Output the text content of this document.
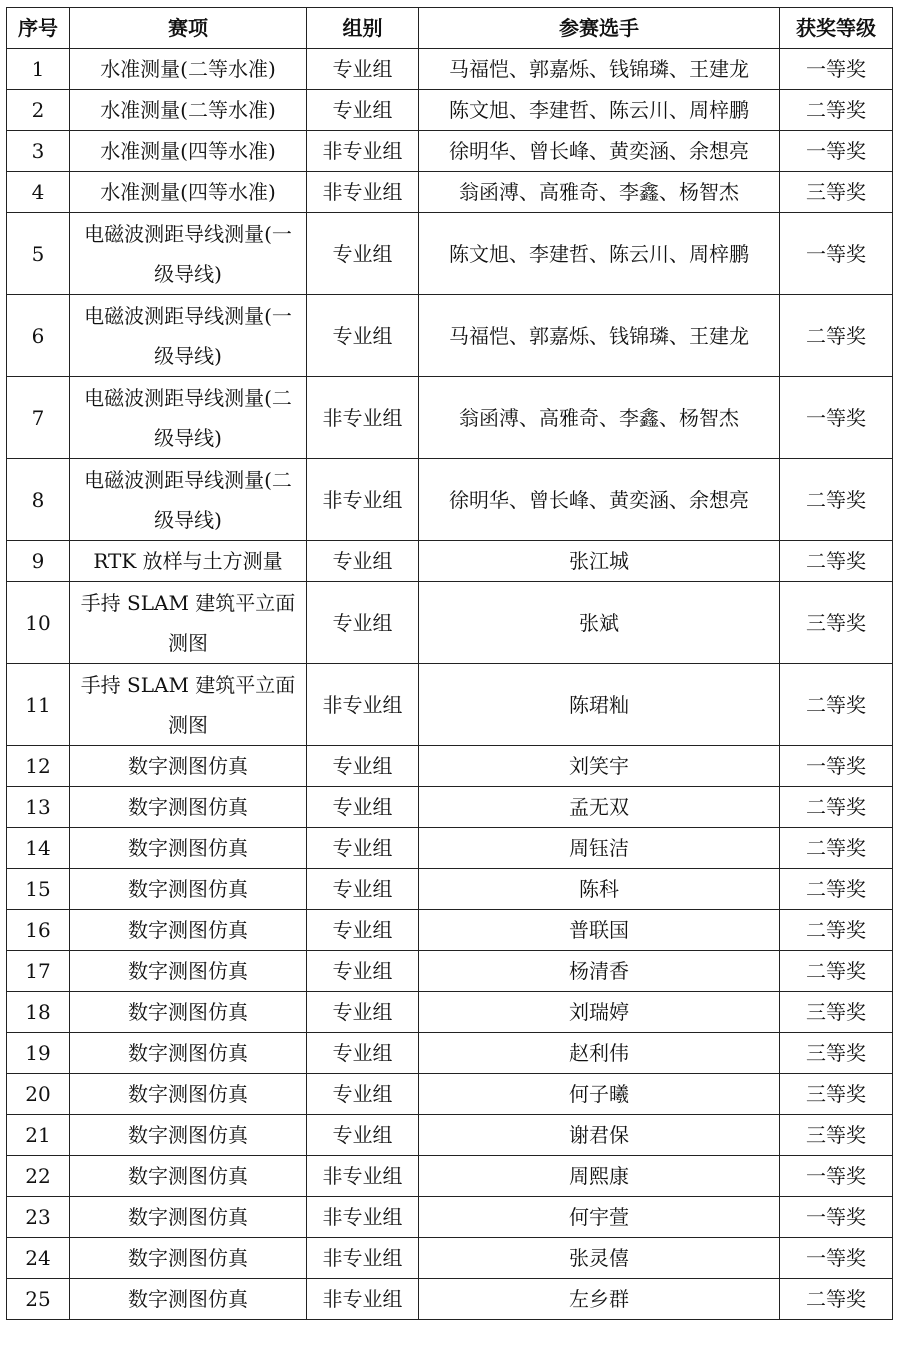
序号	赛项	组别	参赛选手	获奖等级
1	水准测量(二等水准)	专业组	马福恺、郭嘉烁、钱锦璘、王建龙	一等奖
2	水准测量(二等水准)	专业组	陈文旭、李建哲、陈云川、周梓鹏	二等奖
3	水准测量(四等水准)	非专业组	徐明华、曾长峰、黄奕涵、余想亮	一等奖
4	水准测量(四等水准)	非专业组	翁函溥、高雅奇、李鑫、杨智杰	三等奖
5	电磁波测距导线测量(一级导线)	专业组	陈文旭、李建哲、陈云川、周梓鹏	一等奖
6	电磁波测距导线测量(一级导线)	专业组	马福恺、郭嘉烁、钱锦璘、王建龙	二等奖
7	电磁波测距导线测量(二级导线)	非专业组	翁函溥、高雅奇、李鑫、杨智杰	一等奖
8	电磁波测距导线测量(二级导线)	非专业组	徐明华、曾长峰、黄奕涵、余想亮	二等奖
9	RTK 放样与土方测量	专业组	张江城	二等奖
10	手持 SLAM 建筑平立面测图	专业组	张斌	三等奖
11	手持 SLAM 建筑平立面测图	非专业组	陈珺籼	二等奖
12	数字测图仿真	专业组	刘笑宇	一等奖
13	数字测图仿真	专业组	孟无双	二等奖
14	数字测图仿真	专业组	周钰洁	二等奖
15	数字测图仿真	专业组	陈科	二等奖
16	数字测图仿真	专业组	普联国	二等奖
17	数字测图仿真	专业组	杨清香	二等奖
18	数字测图仿真	专业组	刘瑞婷	三等奖
19	数字测图仿真	专业组	赵利伟	三等奖
20	数字测图仿真	专业组	何子曦	三等奖
21	数字测图仿真	专业组	谢君保	三等奖
22	数字测图仿真	非专业组	周熙康	一等奖
23	数字测图仿真	非专业组	何宇萱	一等奖
24	数字测图仿真	非专业组	张灵僖	一等奖
25	数字测图仿真	非专业组	左乡群	二等奖
